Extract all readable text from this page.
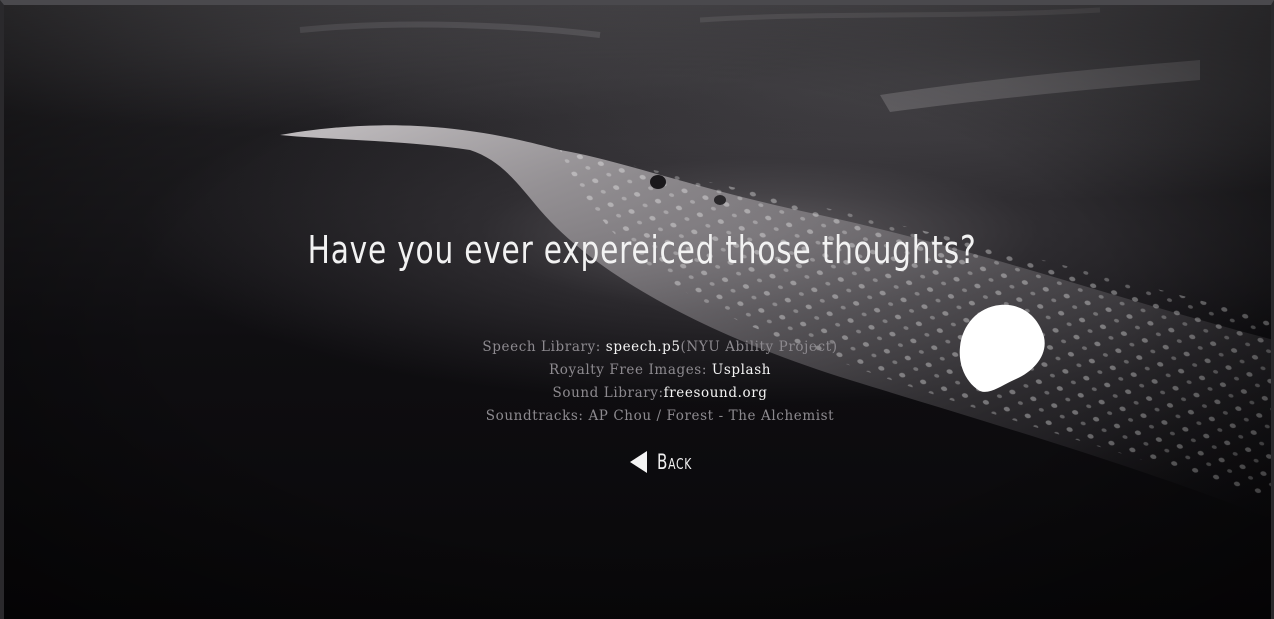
Have you ever expereiced those thoughts?
Speech Library: speech.p5(NYU Ability Project)
Royalty Free Images: Usplash
Sound Library:freesound.org
Soundtracks: AP Chou / Forest - The Alchemist
Back
